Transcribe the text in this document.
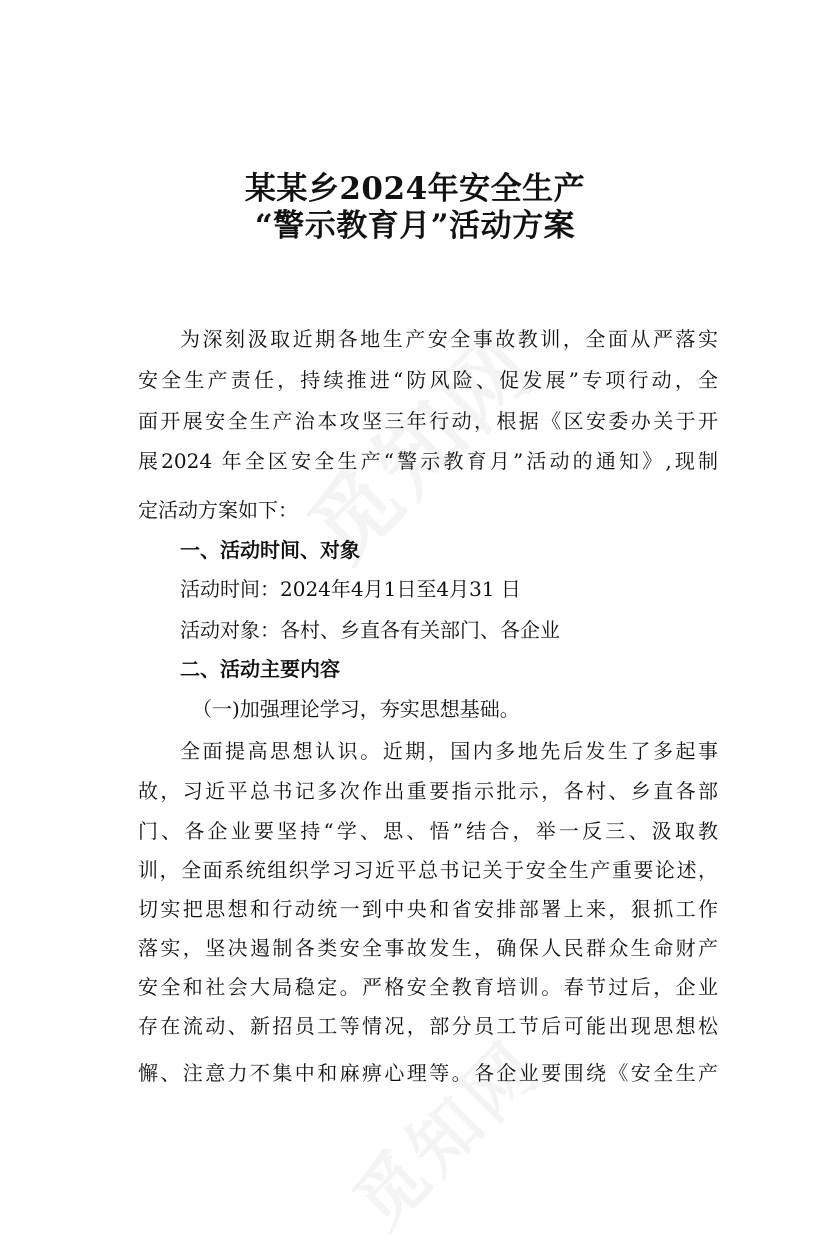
某某乡2024年安全生产
“警示教育月”活动方案
为深刻汲取近期各地生产安全事故教训，全面从严落实
安全生产责任，持续推进“防风险、促发展”专项行动，全
面开展安全生产治本攻坚三年行动，根据《区安委办关于开
展2024 年全区安全生产“警示教育月”活动的通知》,现制
定活动方案如下：
一、活动时间、对象
活动时间：2024年4月1日至4月31 日
活动对象：各村、乡直各有关部门、各企业
二、活动主要内容
（一)加强理论学习，夯实思想基础。
全面提高思想认识。近期，国内多地先后发生了多起事
故，习近平总书记多次作出重要指示批示，各村、乡直各部
门、各企业要坚持“学、思、悟”结合，举一反三、汲取教
训，全面系统组织学习习近平总书记关于安全生产重要论述，
切实把思想和行动统一到中央和省安排部署上来，狠抓工作
落实，坚决遏制各类安全事故发生，确保人民群众生命财产
安全和社会大局稳定。严格安全教育培训。春节过后，企业
存在流动、新招员工等情况，部分员工节后可能出现思想松
懈、注意力不集中和麻痹心理等。各企业要围绕《安全生产
